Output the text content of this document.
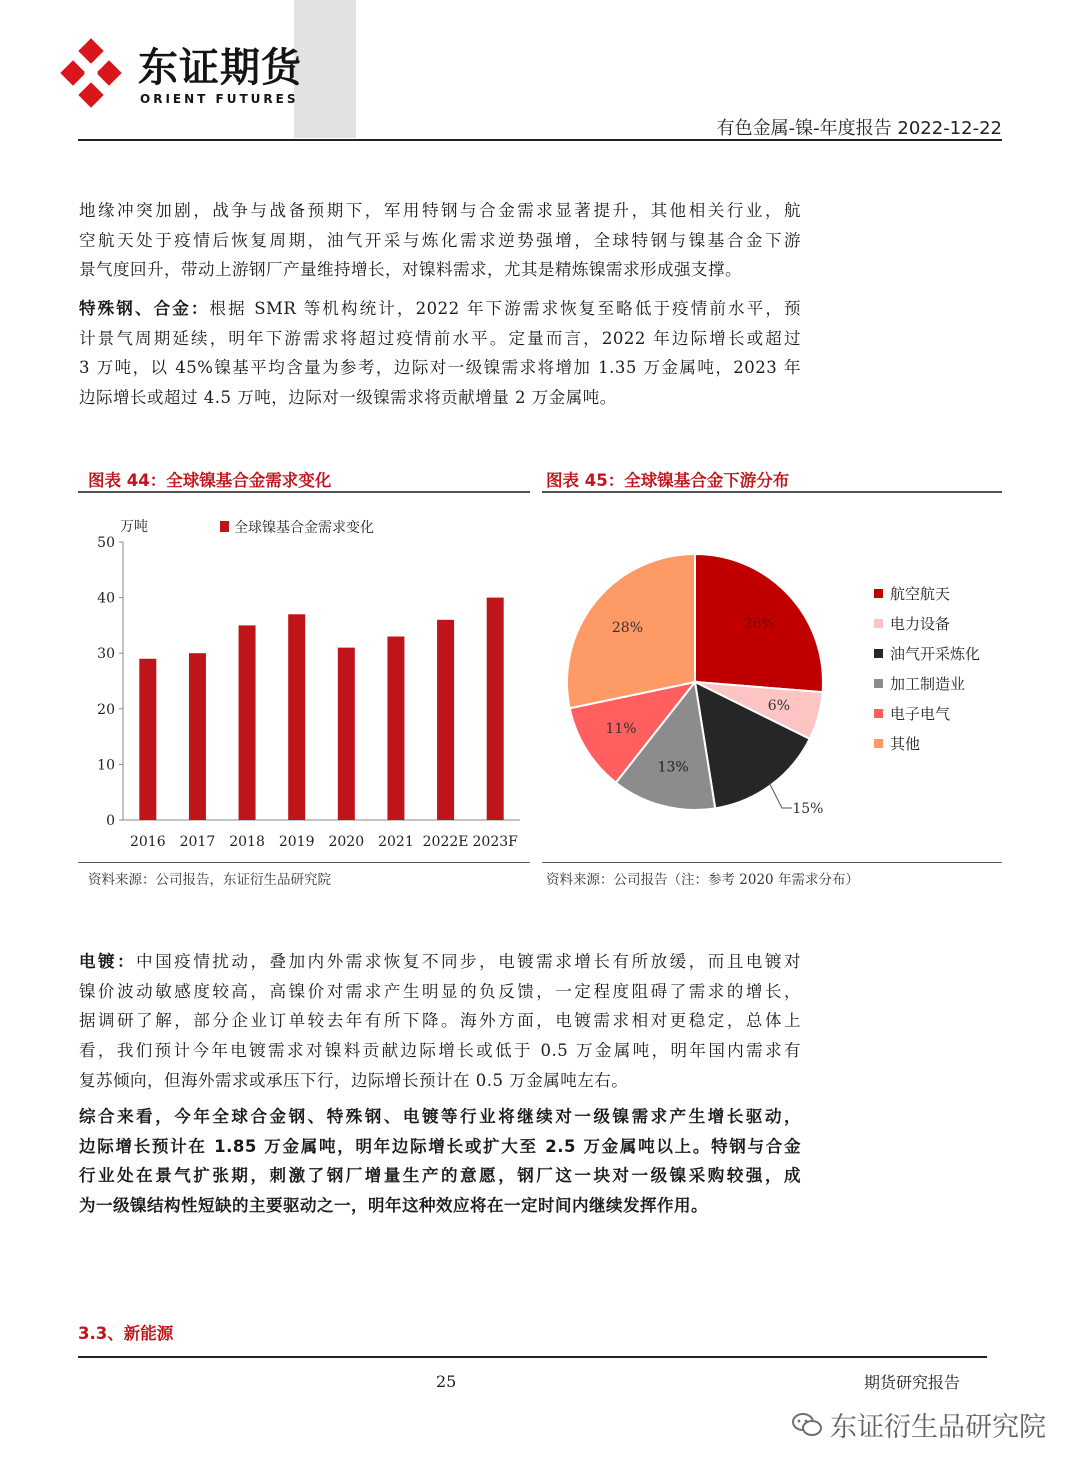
东证期货
ORIENT FUTURES
有色金属-镍-年度报告 2022-12-22
地缘冲突加剧，战争与战备预期下，军用特钢与合金需求显著提升，其他相关行业，航
空航天处于疫情后恢复周期，油气开采与炼化需求逆势强增，全球特钢与镍基合金下游
景气度回升，带动上游钢厂产量维持增长，对镍料需求，尤其是精炼镍需求形成强支撑。
特殊钢、合金：根据 SMR 等机构统计，2022 年下游需求恢复至略低于疫情前水平，预
计景气周期延续，明年下游需求将超过疫情前水平。定量而言，2022 年边际增长或超过
3 万吨，以 45%镍基平均含量为参考，边际对一级镍需求将增加 1.35 万金属吨，2023 年
边际增长或超过 4.5 万吨，边际对一级镍需求将贡献增量 2 万金属吨。
图表 44：全球镍基合金需求变化	图表 45：全球镍基合金下游分布
0
10
20
30
40
50
2016 2017 2018 2019 2020 2021 2022E 2023F
万吨	全球镍基合金需求变化
26%
6%
15%
13%
11%
28%
航空航天
电力设备
油气开采炼化
加工制造业
电子电气
其他
资料来源：公司报告，东证衍生品研究院	资料来源：公司报告（注：参考 2020 年需求分布）
电镀：中国疫情扰动，叠加内外需求恢复不同步，电镀需求增长有所放缓，而且电镀对
镍价波动敏感度较高，高镍价对需求产生明显的负反馈，一定程度阻碍了需求的增长，
据调研了解，部分企业订单较去年有所下降。海外方面，电镀需求相对更稳定，总体上
看，我们预计今年电镀需求对镍料贡献边际增长或低于 0.5 万金属吨，明年国内需求有
复苏倾向，但海外需求或承压下行，边际增长预计在 0.5 万金属吨左右。
综合来看，今年全球合金钢、特殊钢、电镀等行业将继续对一级镍需求产生增长驱动，
边际增长预计在 1.85 万金属吨，明年边际增长或扩大至 2.5 万金属吨以上。特钢与合金
行业处在景气扩张期，刺激了钢厂增量生产的意愿，钢厂这一块对一级镍采购较强，成
为一级镍结构性短缺的主要驱动之一，明年这种效应将在一定时间内继续发挥作用。
3.3、新能源
25	期货研究报告
东证衍生品研究院
